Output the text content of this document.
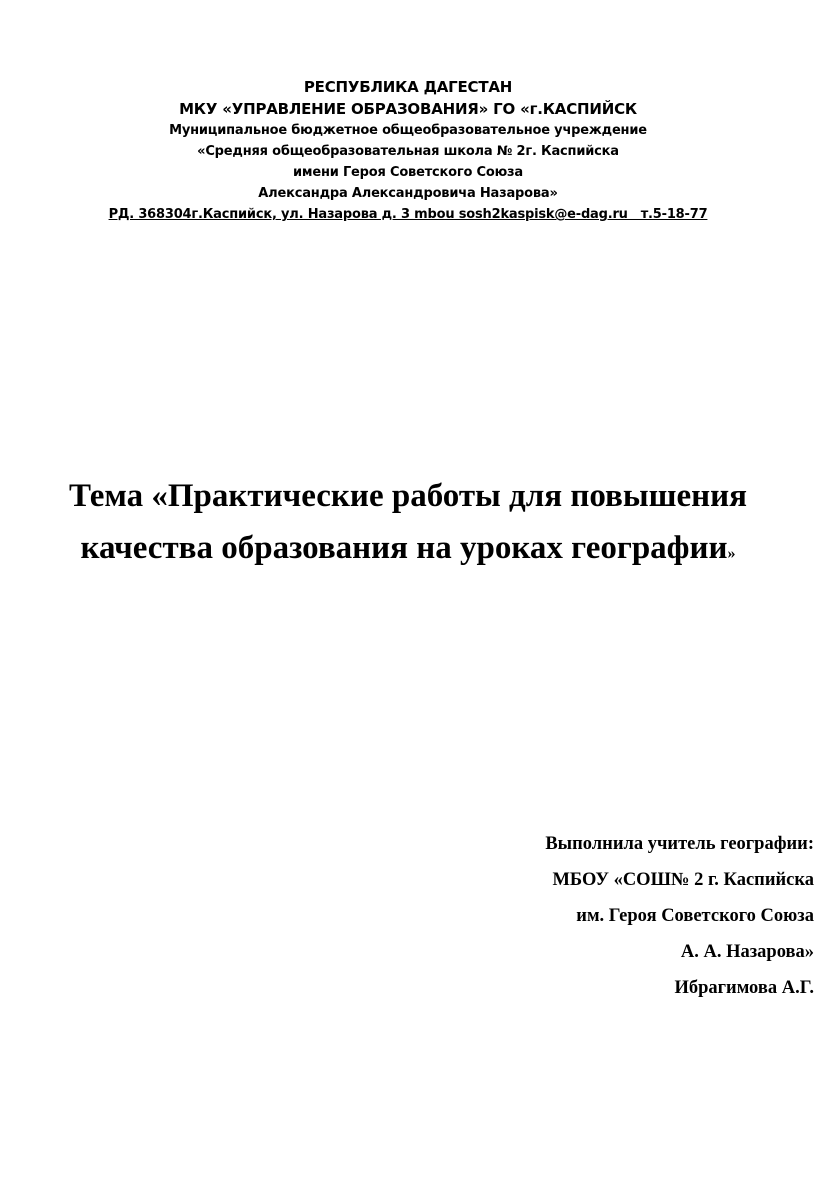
РЕСПУБЛИКА ДАГЕСТАН
МКУ «УПРАВЛЕНИЕ ОБРАЗОВАНИЯ» ГО «г.КАСПИЙСК
Муниципальное бюджетное общеобразовательное учреждение
«Средняя общеобразовательная школа № 2г. Каспийска
имени Героя Советского Союза
Александра Александровича Назарова»
РД. 368304г.Каспийск, ул. Назарова д. 3 mbou sosh2kaspisk@e-dag.ru   т.5-18-77
Тема «Практические работы для повышения
качества образования на уроках географии»
Выполнила учитель географии:
МБОУ «СОШ№ 2 г. Каспийска
им. Героя Советского Союза
А. А. Назарова»
Ибрагимова А.Г.
